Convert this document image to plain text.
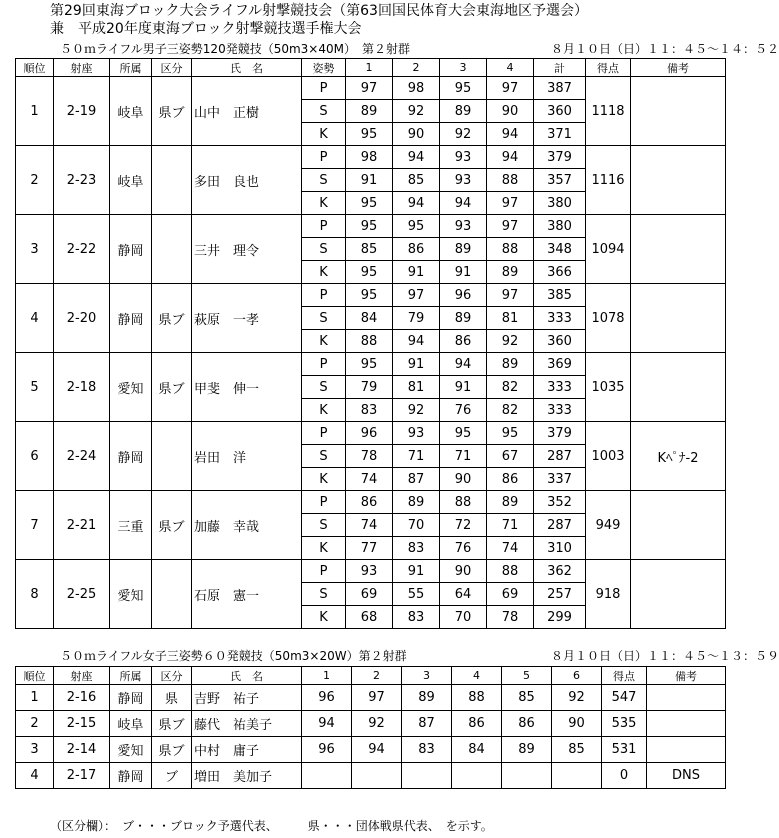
第29回東海ブロック大会ライフル射撃競技会（第63回国民体育大会東海地区予選会）
兼　平成20年度東海ブロック射撃競技選手権大会
５０ｍライフル男子三姿勢120発競技（50m3×40M）　第２射群	８月１０日（日）１１：４５～１４：５２
順位	射座	所属	区分	氏　名	姿勢	1	2	3	4	計	得点	備考
1	2-19	岐阜	県ブ	山中　正樹	P	97	98	95	97	387	1118	
					S	89	92	89	90	360		
					K	95	90	92	94	371		
2	2-23	岐阜		多田　良也	P	98	94	93	94	379	1116	
					S	91	85	93	88	357		
					K	95	94	94	97	380		
3	2-22	静岡		三井　理令	P	95	95	93	97	380	1094	
					S	85	86	89	88	348		
					K	95	91	91	89	366		
4	2-20	静岡	県ブ	萩原　一孝	P	95	97	96	97	385	1078	
					S	84	79	89	81	333		
					K	88	94	86	92	360		
5	2-18	愛知	県ブ	甲斐　伸一	P	95	91	94	89	369	1035	
					S	79	81	91	82	333		
					K	83	92	76	82	333		
6	2-24	静岡		岩田　洋	P	96	93	95	95	379	1003	Kﾍﾟﾅ-2
					S	78	71	71	67	287		
					K	74	87	90	86	337		
7	2-21	三重	県ブ	加藤　幸哉	P	86	89	88	89	352	949	
					S	74	70	72	71	287		
					K	77	83	76	74	310		
8	2-25	愛知		石原　憲一	P	93	91	90	88	362	918	
					S	69	55	64	69	257		
					K	68	83	70	78	299		
５０ｍライフル女子三姿勢６０発競技（50m3×20W）第２射群	８月１０日（日）１１：４５～１３：５９
順位	射座	所属	区分	氏　名	1	2	3	4	5	6	得点	備考
1	2-16	静岡	県	吉野　祐子	96	97	89	88	85	92	547	
2	2-15	岐阜	県ブ	藤代　祐美子	94	92	87	86	86	90	535	
3	2-14	愛知	県ブ	中村　庸子	96	94	83	84	89	85	531	
4	2-17	静岡	ブ	増田　美加子							0	DNS
（区分欄）：　ブ・・・ブロック予選代表、　　　県・・・団体戦県代表、　を示す。
